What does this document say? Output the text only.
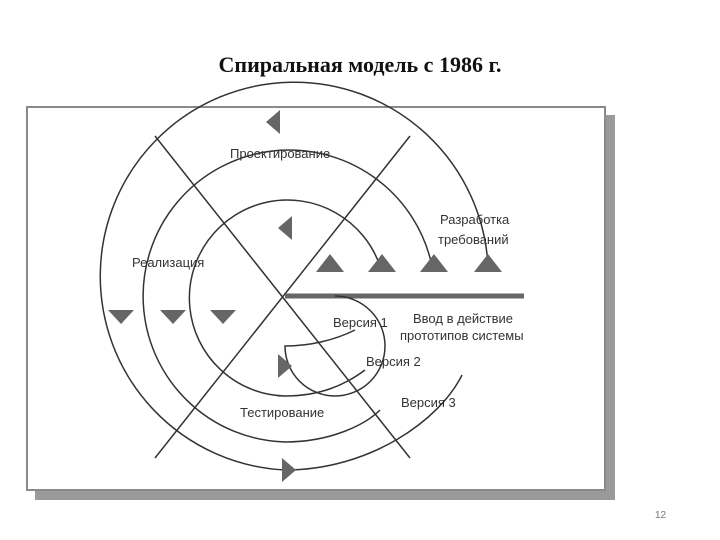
Спиральная модель с 1986 г.
Проектирование
Разработка
требований
Реализация
Версия 1 Ввод в действие
прототипов системы
Версия 2
Версия 3
Тестирование
12
